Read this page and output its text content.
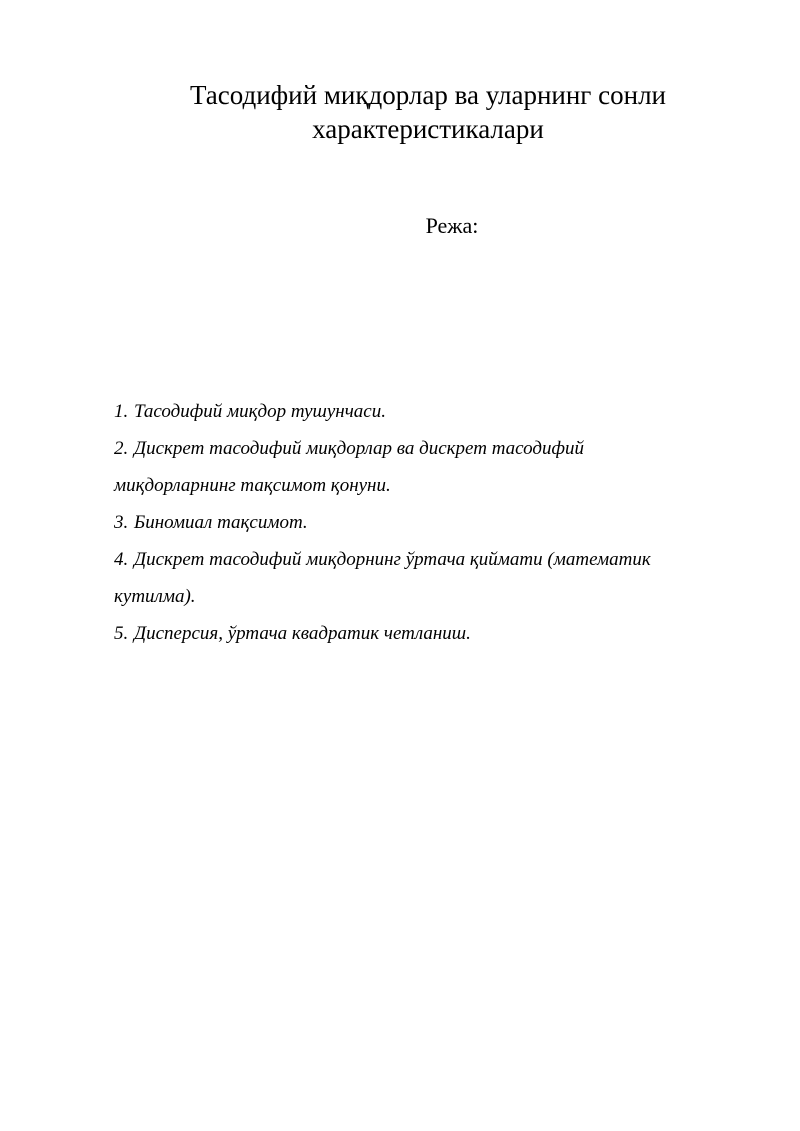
Тасодифий миқдорлар ва уларнинг сонли
характеристикалари
Режа:
1. Тасодифий миқдор тушунчаси.
2. Дискрет тасодифий миқдорлар ва дискрет тасодифий
миқдорларнинг тақсимот қонуни.
3. Биномиал тақсимот.
4. Дискрет тасодифий миқдорнинг ўртача қиймати (математик
кутилма).
5. Дисперсия, ўртача квадратик четланиш.
